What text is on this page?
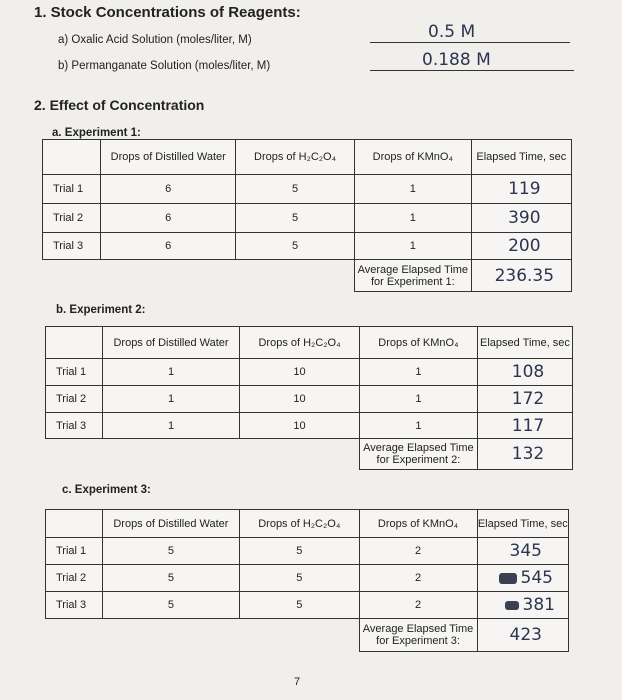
1. Stock Concentrations of Reagents:
a) Oxalic Acid Solution (moles/liter, M)	0.5 M
b) Permanganate Solution (moles/liter, M)	0.188 M
2. Effect of Concentration
a. Experiment 1:
	Drops of Distilled Water	Drops of H₂C₂O₄	Drops of KMnO₄	Elapsed Time, sec
Trial 1	6	5	1	119
Trial 2	6	5	1	390
Trial 3	6	5	1	200
			Average Elapsed Time for Experiment 1:	236.35
b. Experiment 2:
	Drops of Distilled Water	Drops of H₂C₂O₄	Drops of KMnO₄	Elapsed Time, sec
Trial 1	1	10	1	108
Trial 2	1	10	1	172
Trial 3	1	10	1	117
			Average Elapsed Time for Experiment 2:	132
c. Experiment 3:
	Drops of Distilled Water	Drops of H₂C₂O₄	Drops of KMnO₄	Elapsed Time, sec
Trial 1	5	5	2	345
Trial 2	5	5	2	545
Trial 3	5	5	2	381
			Average Elapsed Time for Experiment 3:	423
7
